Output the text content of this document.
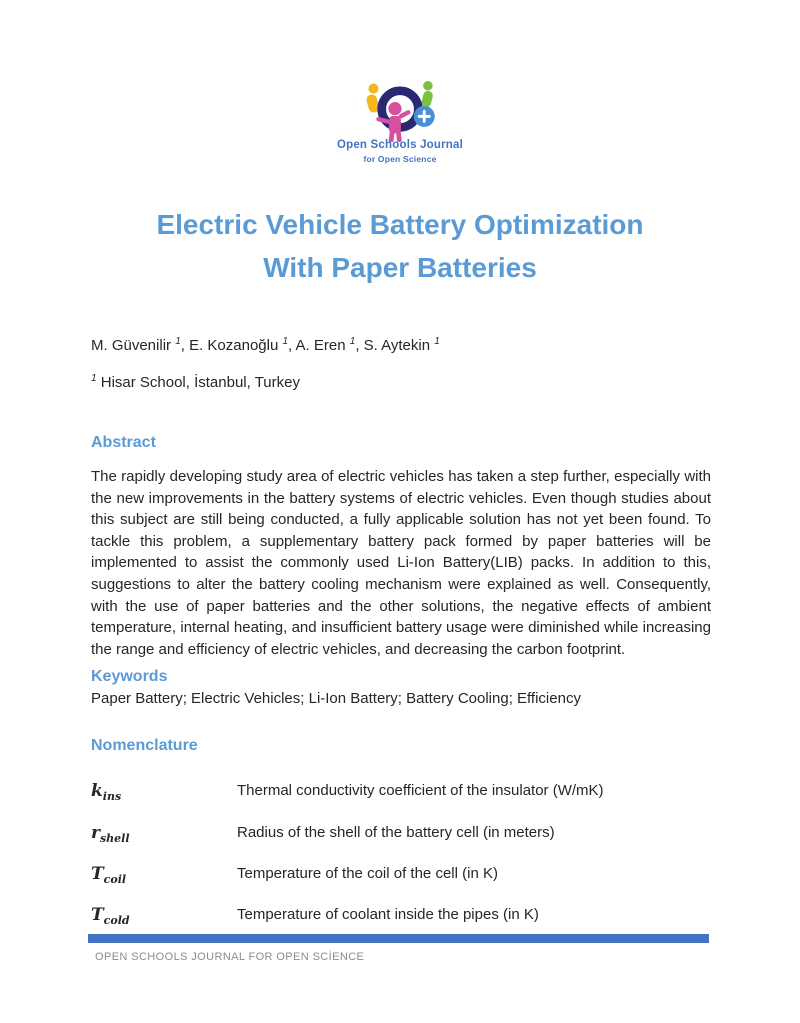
Open Schools Journal
for Open Science
Electric Vehicle Battery Optimization
With Paper Batteries
M. Güvenilir $^1$, E. Kozanoğlu $^1$, A. Eren $^1$, S. Aytekin $^1$
$^1$ Hisar School, İstanbul, Turkey
Abstract
The rapidly developing study area of electric vehicles has taken a step further, especially with the new improvements in the battery systems of electric vehicles. Even though studies about this subject are still being conducted, a fully applicable solution has not yet been found. To tackle this problem, a supplementary battery pack formed by paper batteries will be implemented to assist the commonly used Li-Ion Battery(LIB) packs. In addition to this, suggestions to alter the battery cooling mechanism were explained as well. Consequently, with the use of paper batteries and the other solutions, the negative effects of ambient temperature, internal heating, and insufficient battery usage were diminished while increasing the range and efficiency of electric vehicles, and decreasing the carbon footprint.
Keywords
Paper Battery; Electric Vehicles; Li-Ion Battery; Battery Cooling; Efficiency
Nomenclature
$k_{ins}$	Thermal conductivity coefficient of the insulator (W/mK)
$r_{shell}$	Radius of the shell of the battery cell (in meters)
$T_{coil}$	Temperature of the coil of the cell (in K)
$T_{cold}$	Temperature of coolant inside the pipes (in K)
OPEN SCHOOLS JOURNAL FOR OPEN SCİENCE
